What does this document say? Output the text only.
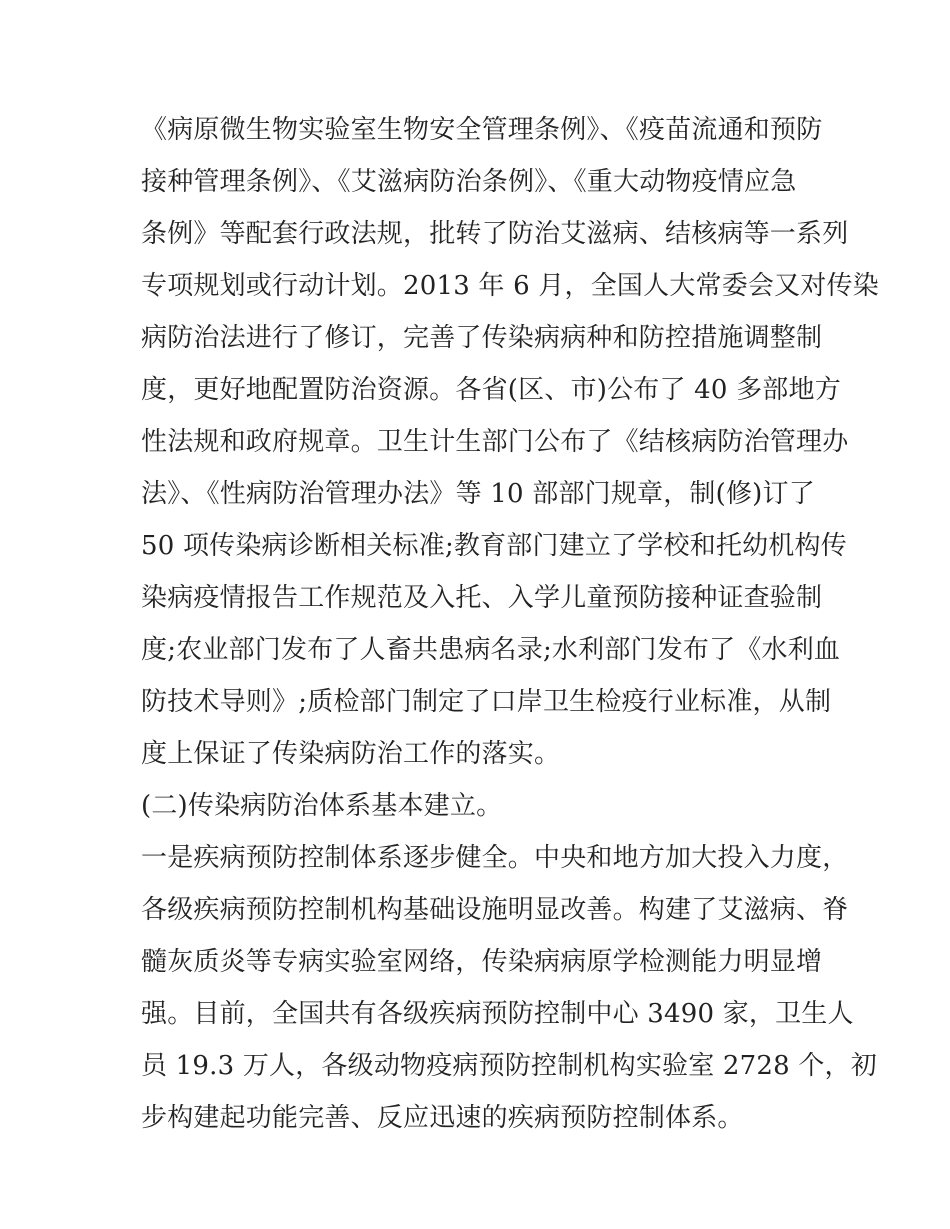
《病原微生物实验室生物安全管理条例》、《疫苗流通和预防
接种管理条例》、《艾滋病防治条例》、《重大动物疫情应急
条例》等配套行政法规，批转了防治艾滋病、结核病等一系列
专项规划或行动计划。2013 年 6 月，全国人大常委会又对传染
病防治法进行了修订，完善了传染病病种和防控措施调整制
度，更好地配置防治资源。各省(区、市)公布了 40 多部地方
性法规和政府规章。卫生计生部门公布了《结核病防治管理办
法》、《性病防治管理办法》等 10 部部门规章，制(修)订了
50 项传染病诊断相关标准;教育部门建立了学校和托幼机构传
染病疫情报告工作规范及入托、入学儿童预防接种证查验制
度;农业部门发布了人畜共患病名录;水利部门发布了《水利血
防技术导则》;质检部门制定了口岸卫生检疫行业标准，从制
度上保证了传染病防治工作的落实。
(二)传染病防治体系基本建立。
一是疾病预防控制体系逐步健全。中央和地方加大投入力度，
各级疾病预防控制机构基础设施明显改善。构建了艾滋病、脊
髓灰质炎等专病实验室网络，传染病病原学检测能力明显增
强。目前，全国共有各级疾病预防控制中心 3490 家，卫生人
员 19.3 万人，各级动物疫病预防控制机构实验室 2728 个，初
步构建起功能完善、反应迅速的疾病预防控制体系。
